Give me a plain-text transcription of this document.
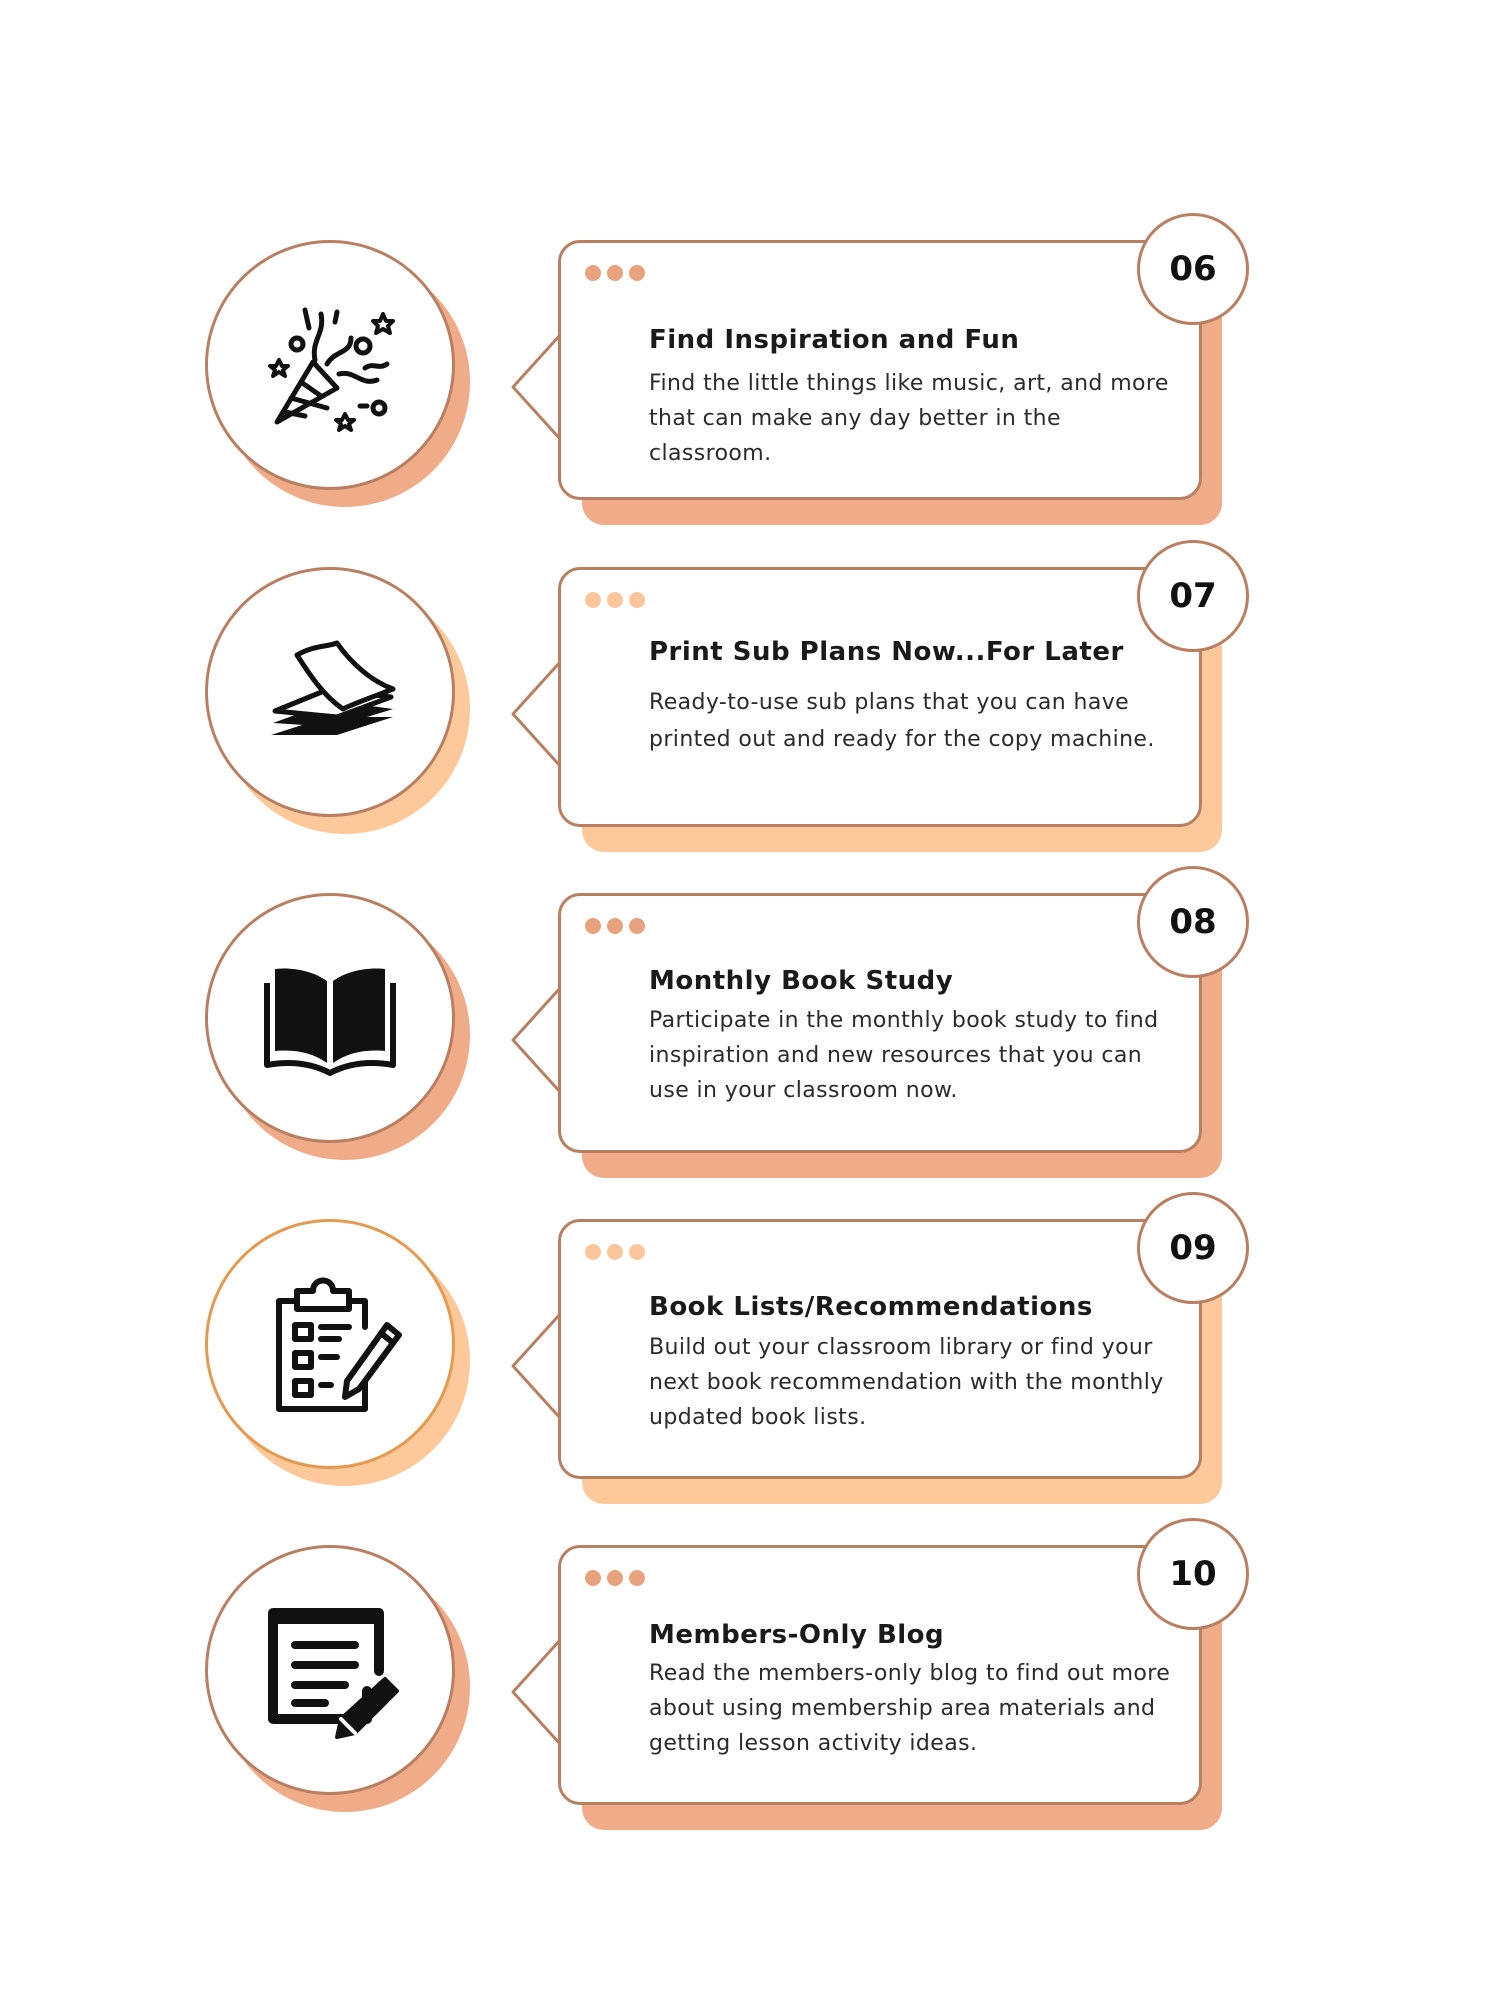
Find Inspiration and Fun
Find the little things like music, art, and more that can make any day better in the classroom.
06
Print Sub Plans Now...For Later
Ready-to-use sub plans that you can have printed out and ready for the copy machine.
07
Monthly Book Study
Participate in the monthly book study to find inspiration and new resources that you can use in your classroom now.
08
Book Lists/Recommendations
Build out your classroom library or find your next book recommendation with the monthly updated book lists.
09
Members-Only Blog
Read the members-only blog to find out more about using membership area materials and getting lesson activity ideas.
10
